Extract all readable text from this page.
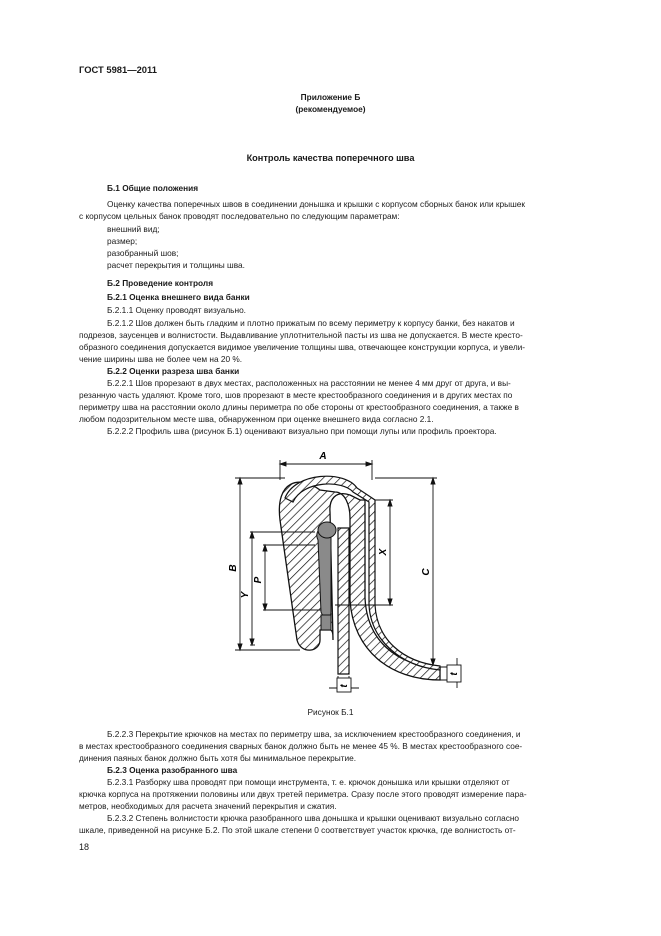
ГОСТ 5981—2011
Приложение Б
(рекомендуемое)
Контроль качества поперечного шва
Б.1 Общие положения
Оценку качества поперечных швов в соединении донышка и крышки с корпусом сборных банок или крышек
с корпусом цельных банок проводят последовательно по следующим параметрам:
внешний вид;
размер;
разобранный шов;
расчет перекрытия и толщины шва.
Б.2 Проведение контроля
Б.2.1 Оценка внешнего вида банки
Б.2.1.1 Оценку проводят визуально.
Б.2.1.2 Шов должен быть гладким и плотно прижатым по всему периметру к корпусу банки, без накатов и
подрезов, заусенцев и волнистости. Выдавливание уплотнительной пасты из шва не допускается. В месте кресто-
образного соединения допускается видимое увеличение толщины шва, отвечающее конструкции корпуса, и увели-
чение ширины шва не более чем на 20 %.
Б.2.2 Оценки разреза шва банки
Б.2.2.1 Шов прорезают в двух местах, расположенных на расстоянии не менее 4 мм друг от друга, и вы-
резанную часть удаляют. Кроме того, шов прорезают в месте крестообразного соединения и в других местах по
периметру шва на расстоянии около длины периметра по обе стороны от крестообразного соединения, а также в
любом подозрительном месте шва, обнаруженном при оценке внешнего вида согласно 2.1.
Б.2.2.2 Профиль шва (рисунок Б.1) оценивают визуально при помощи лупы или профиль проектора.
A
B
Y
P
X
C
t
t
Рисунок Б.1
Б.2.2.3 Перекрытие крючков на местах по периметру шва, за исключением крестообразного соединения, и
в местах крестообразного соединения сварных банок должно быть не менее 45 %. В местах крестообразного сое-
динения паяных банок должно быть хотя бы минимальное перекрытие.
Б.2.3 Оценка разобранного шва
Б.2.3.1 Разборку шва проводят при помощи инструмента, т. е. крючок донышка или крышки отделяют от
крючка корпуса на протяжении половины или двух третей периметра. Сразу после этого проводят измерение пара-
метров, необходимых для расчета значений перекрытия и сжатия.
Б.2.3.2 Степень волнистости крючка разобранного шва донышка и крышки оценивают визуально согласно
шкале, приведенной на рисунке Б.2. По этой шкале степени 0 соответствует участок крючка, где волнистость от-
18
